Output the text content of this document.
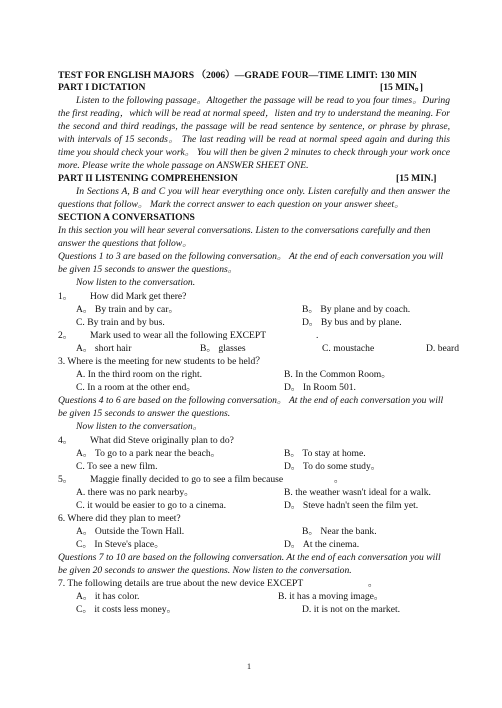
TEST FOR ENGLISH MAJORS （2006）—GRADE FOUR—TIME LIMIT: 130 MIN
PART I DICTATION	[15 MIN。]
Listen to the following passage。Altogether the passage will be read to you four times。During
the first reading，which will be read at normal speed，listen and try to understand the meaning. For
the second and third readings, the passage will be read sentence by sentence, or phrase by phrase,
with intervals of 15 seconds。 The last reading will be read at normal speed again and during this
time you should check your work。 You will then be given 2 minutes to check through your work once
more. Please write the whole passage on ANSWER SHEET ONE.
PART II LISTENING COMPREHENSION	[15 MIN.]
In Sections A, B and C you will hear everything once only. Listen carefully and then answer the
questions that follow。 Mark the correct answer to each question on your answer sheet。
SECTION A CONVERSATIONS
In this section you will hear several conversations. Listen to the conversations carefully and then
answer the questions that follow。
Questions 1 to 3 are based on the following conversation。 At the end of each conversation you will
be given 15 seconds to answer the questions。
Now listen to the conversation.
1。 How did Mark get there?
A。 By train and by car。	B。 By plane and by coach.
C. By train and by bus.	D。 By bus and by plane.
2。 Mark used to wear all the following EXCEPT	.
A。 short hair	B。 glasses	C. moustache	D. beard
3. Where is the meeting for new students to be held？
A. In the third room on the right.	B. In the Common Room。
C. In a room at the other end。	D。 In Room 501.
Questions 4 to 6 are based on the following conversation。 At the end of each conversation you will
be given 15 seconds to answer the questions.
Now listen to the conversation。
4。 What did Steve originally plan to do?
A。 To go to a park near the beach。	B。 To stay at home.
C. To see a new film.	D。 To do some study。
5。 Maggie finally decided to go to see a film because	。
A. there was no park nearby。	B. the weather wasn't ideal for a walk.
C. it would be easier to go to a cinema.	D。 Steve hadn't seen the film yet.
6. Where did they plan to meet?
A。 Outside the Town Hall.	B。 Near the bank.
C。 In Steve's place。	D。 At the cinema.
Questions 7 to 10 are based on the following conversation. At the end of each conversation you will
be given 20 seconds to answer the questions. Now listen to the conversation.
7. The following details are true about the new device EXCEPT	。
A。 it has color.	B. it has a moving image。
C。 it costs less money。	D. it is not on the market.
1
